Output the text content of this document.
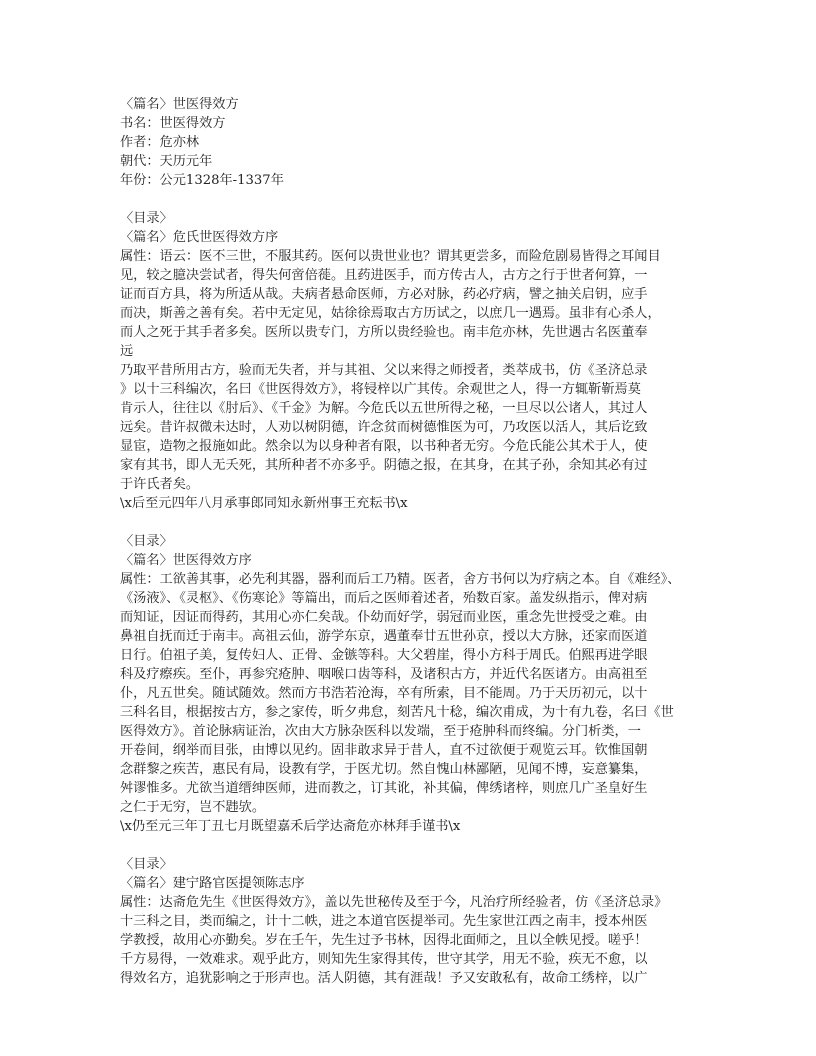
〈篇名〉世医得效方
书名：世医得效方
作者：危亦林
朝代：天历元年
年份：公元1328年-1337年
〈目录〉
〈篇名〉危氏世医得效方序
属性：语云：医不三世，不服其药。医何以贵世业也？谓其更尝多，而险危剧易皆得之耳闻目
见，较之臆决尝试者，得失何啻倍蓰。且药进医手，而方传古人，古方之行于世者何算，一
证而百方具，将为所适从哉。夫病者悬命医师，方必对脉，药必疗病，譬之抽关启钥，应手
而决，斯善之善有矣。若中无定见，姑徐徐焉取古方历试之，以庶几一遇焉。虽非有心杀人，
而人之死于其手者多矣。医所以贵专门，方所以贵经验也。南丰危亦林，先世遇古名医董奉
远
乃取平昔所用古方，验而无失者，并与其祖、父以来得之师授者，类萃成书，仿《圣济总录
》以十三科编次，名曰《世医得效方》，将锓梓以广其传。余观世之人，得一方辄靳靳焉莫
肯示人，往往以《肘后》、《千金》为解。今危氏以五世所得之秘，一旦尽以公诸人，其过人
远矣。昔许叔微未达时，人劝以树阴德，许念贫而树德惟医为可，乃攻医以活人，其后讫致
显宦，造物之报施如此。然余以为以身种者有限，以书种者无穷。今危氏能公其术于人，使
家有其书，即人无夭死，其所种者不亦多乎。阴德之报，在其身，在其子孙，余知其必有过
于许氏者矣。
\x后至元四年八月承事郎同知永新州事王充耘书\x
〈目录〉
〈篇名〉世医得效方序
属性：工欲善其事，必先利其器，器利而后工乃精。医者，舍方书何以为疗病之本。自《难经》、
《汤液》、《灵枢》、《伤寒论》等篇出，而后之医师着述者，殆数百家。盖发纵指示，俾对病
而知证，因证而得药，其用心亦仁矣哉。仆幼而好学，弱冠而业医，重念先世授受之难。由
鼻祖自抚而迁于南丰。高祖云仙，游学东京，遇董奉廿五世孙京，授以大方脉，还家而医道
日行。伯祖子美，复传妇人、正骨、金镞等科。大父碧崖，得小方科于周氏。伯熙再进学眼
科及疗瘵疾。至仆，再参究疮肿、咽喉口齿等科，及诸积古方，并近代名医诸方。由高祖至
仆，凡五世矣。随试随效。然而方书浩若沧海，卒有所索，目不能周。乃于天历初元，以十
三科名目，根据按古方，参之家传，昕夕弗怠，刻苦凡十稔，编次甫成，为十有九卷，名曰《世
医得效方》。首论脉病证治，次由大方脉杂医科以发端，至于疮肿科而终编。分门析类，一
开卷间，纲举而目张，由博以见约。固非敢求异于昔人，直不过欲便于观览云耳。钦惟国朝
念群黎之疾苦，惠民有局，设教有学，于医尤切。然自愧山林鄙陋，见闻不博，妄意纂集，
舛谬惟多。尤欲当道缙绅医师，进而教之，订其讹，补其偏，俾绣诸梓，则庶几广圣皇好生
之仁于无穷，岂不韪欤。
\x仍至元三年丁丑七月既望嘉禾后学达斋危亦林拜手谨书\x
〈目录〉
〈篇名〉建宁路官医提领陈志序
属性：达斋危先生《世医得效方》，盖以先世秘传及至于今，凡治疗所经验者，仿《圣济总录》
十三科之目，类而编之，计十二帙，进之本道官医提举司。先生家世江西之南丰，授本州医
学教授，故用心亦勤矣。岁在壬午，先生过予书林，因得北面师之，且以全帙见授。嗟乎！
千方易得，一效难求。观乎此方，则知先生家得其传，世守其学，用无不验，疾无不愈，以
得效名方，追犹影响之于形声也。活人阴德，其有涯哉！予又安敢私有，故命工绣梓，以广
